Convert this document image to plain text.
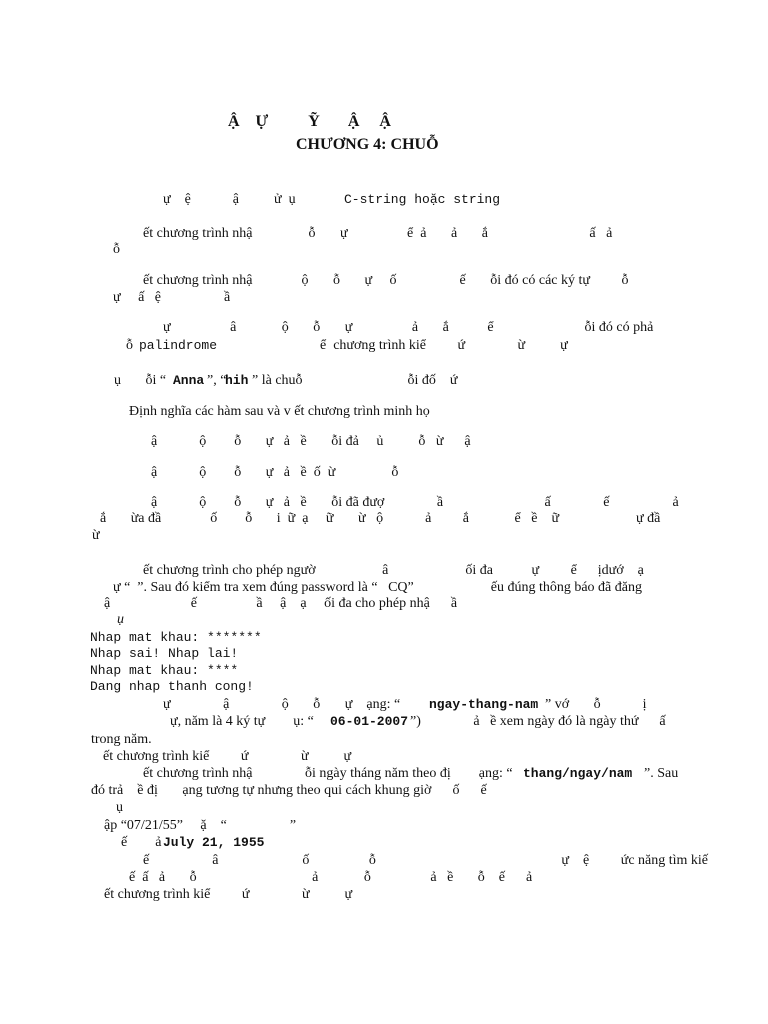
Ậ    Ự          Ỹ       Ậ     Ậ
CHƯƠNG 4: CHUỖ
ự    ệ            ậ          ử  ụ	C-string hoặc string
ết chương trình nhậ                ỗ       ự                 ể  ả       ả       ắ                             ấ   ả
ỗ
ết chương trình nhậ              ộ       ỗ       ự     ố                  ế       ỗi đó có các ký tự         ỗ
ự     ấ   ệ                  ầ
ự                 â             ộ       ỗ       ự                 ả       ắ           ể                          ỗi đó có phả
ỗ palindrome	ể  chương trình kiể         ứ               ừ          ự
ụ       ỗi “ Anna ”, “
hih ” là chuỗ                              ỗi đố    ứ
Định nghĩa các hàm sau và v ết chương trình minh họ
ậ            ộ        ỗ       ự   ả   ề       ỗi đả     ủ          ỗ   ừ      ậ
ậ            ộ        ỗ       ự   ả   ề  ố  ừ                ỗ
ậ            ộ        ỗ       ự   ả   ề       ỗi đã đượ               ầ                             ấ               ế                  ả
ắ       ừa đầ              ố        ỗ       i  ữ  ạ     ữ       ừ   ộ            ả         ắ             ể   ề    ữ                      ự đầ
ừ
ết chương trình cho phép ngườ                   â                      ối đa           ự         ể      ịdướ    ạ
ự “  ”. Sau đó kiểm tra xem đúng password là “   CQ”                      ếu đúng thông báo đã đăng
ậ                       ế                 ầ     ậ    ạ     ối đa cho phép nhậ      ầ
ụ
Nhap mat khau: *******
Nhap sai! Nhap lai!
Nhap mat khau: ****
Dang nhap thanh cong!
ự               ậ               ộ       ỗ       ự    ạng: “ ngay-thang-nam ” vớ       ỗ            ị
ự, năm là 4 ký tự        ụ: “ 06-01-2007 ”)               ả   ề xem ngày đó là ngày thứ      ấ
trong năm.
ết chương trình kiể         ứ               ừ          ự
ết chương trình nhậ               ỗi ngày tháng năm theo đị        ạng: “ thang/ngay/nam ”. Sau
đó trả    ề đị       ạng tương tự nhưng theo qui cách khung giờ      ố      ế
ụ
ập “07/21/55”     ặ    “                  ”
ế        ả July 21, 1955
ế                  â                        ố                 ỗ                                                     ự    ệ         ức năng tìm kiế
ế  ấ   ả       ỗ                                 ả             ỗ                 ả   ề       ỗ    ế      ả
ết chương trình kiể         ứ               ừ          ự
